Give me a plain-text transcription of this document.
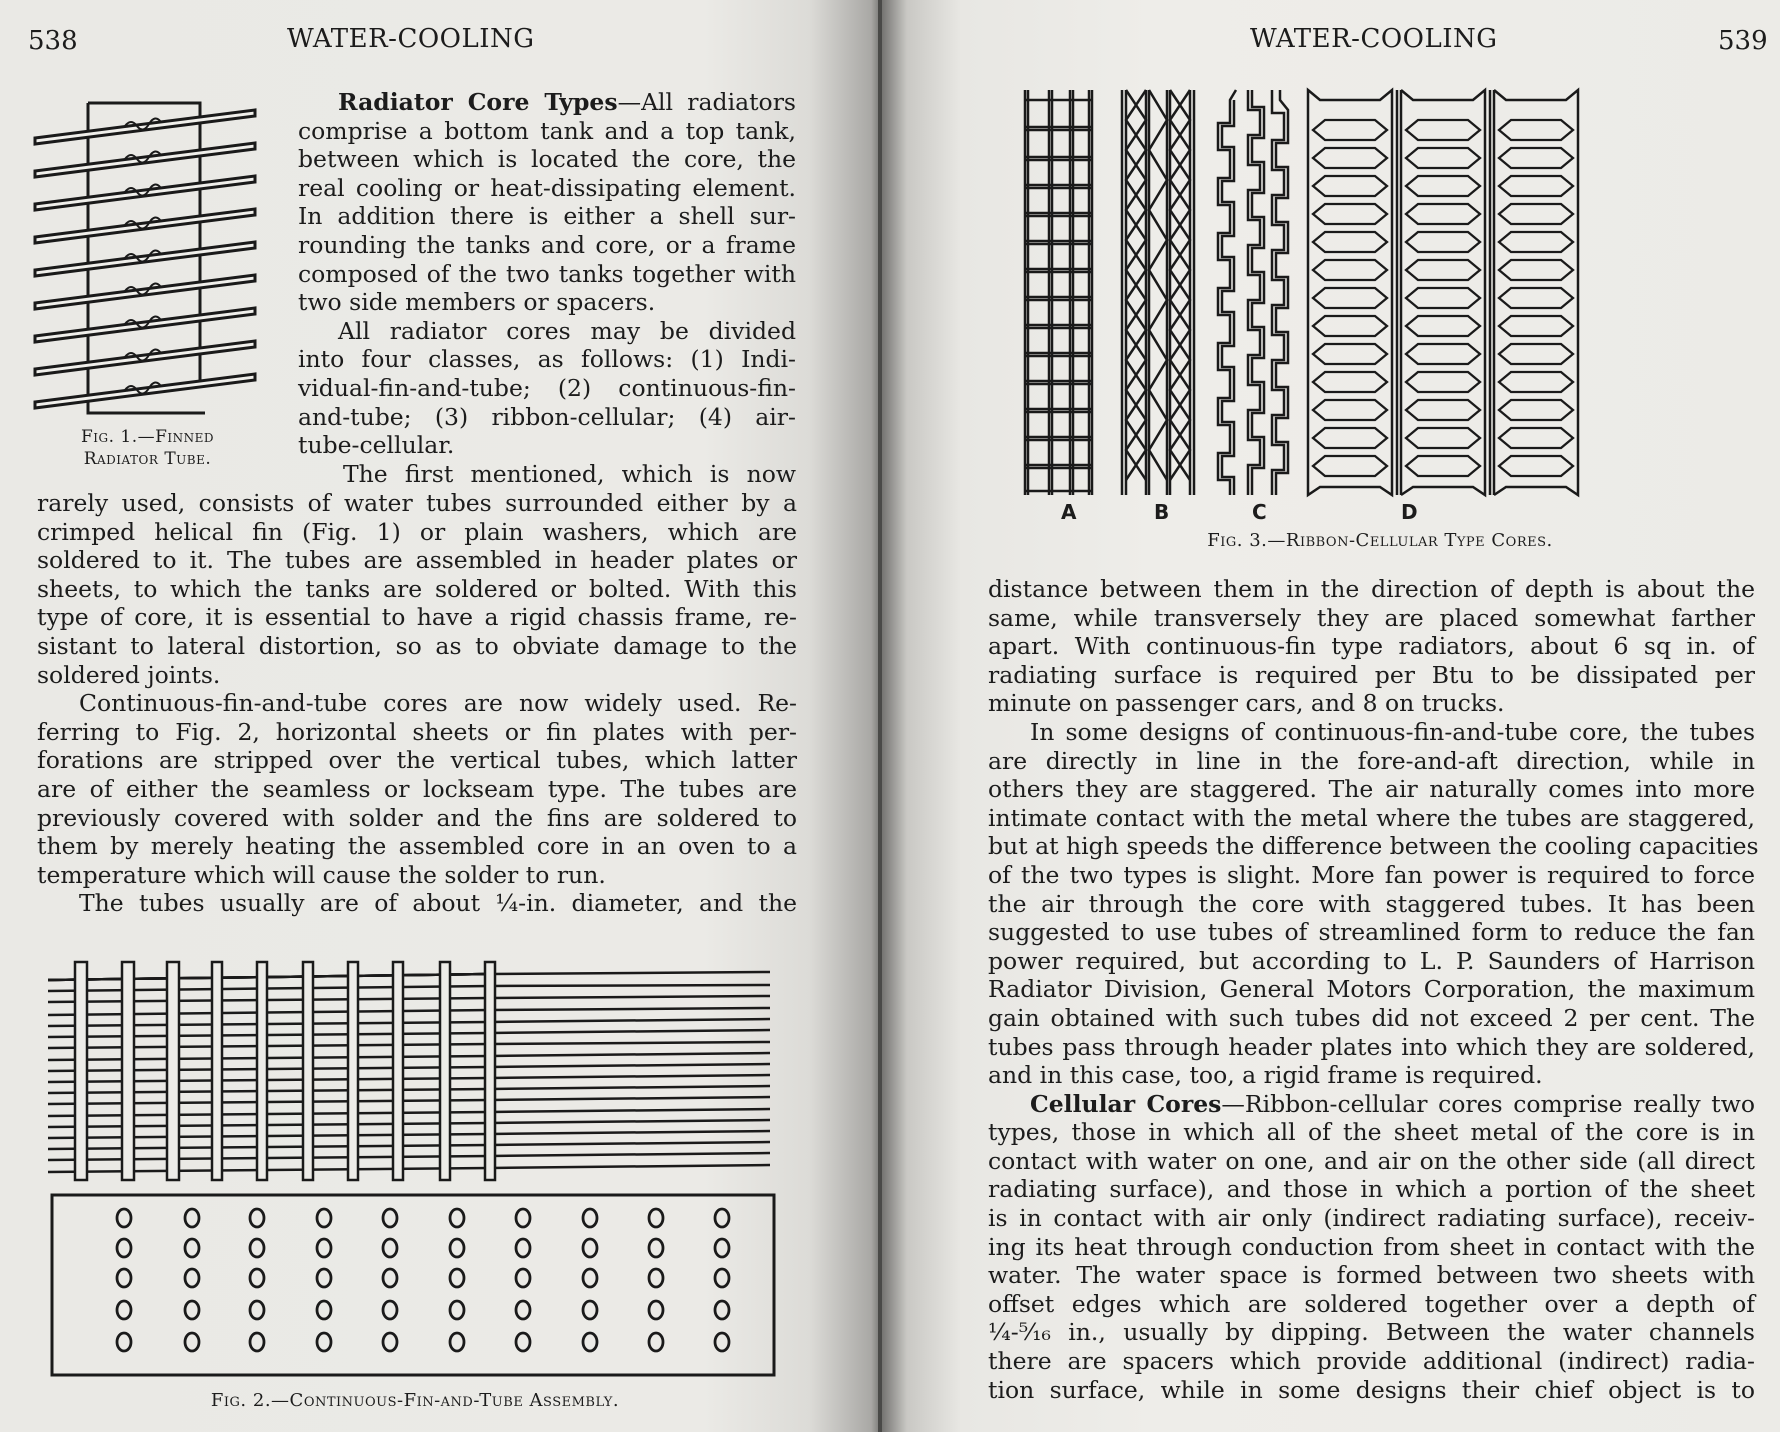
538	WATER-COOLING
Fig. 1.—Finned
Radiator Tube.
Radiator Core Types—All radiators
comprise a bottom tank and a top tank,
between which is located the core, the
real cooling or heat-dissipating element.
In addition there is either a shell sur-
rounding the tanks and core, or a frame
composed of the two tanks together with
two side members or spacers.
All radiator cores may be divided
into four classes, as follows: (1) Indi-
vidual-fin-and-tube; (2) continuous-fin-
and-tube; (3) ribbon-cellular; (4) air-
tube-cellular.
The first mentioned, which is now
rarely used, consists of water tubes surrounded either by a
crimped helical fin (Fig. 1) or plain washers, which are
soldered to it. The tubes are assembled in header plates or
sheets, to which the tanks are soldered or bolted. With this
type of core, it is essential to have a rigid chassis frame, re-
sistant to lateral distortion, so as to obviate damage to the
soldered joints.
Continuous-fin-and-tube cores are now widely used. Re-
ferring to Fig. 2, horizontal sheets or fin plates with per-
forations are stripped over the vertical tubes, which latter
are of either the seamless or lockseam type. The tubes are
previously covered with solder and the fins are soldered to
them by merely heating the assembled core in an oven to a
temperature which will cause the solder to run.
The tubes usually are of about ¼-in. diameter, and the
Fig. 2.—Continuous-Fin-and-Tube Assembly.
WATER-COOLING	539
A	B	C	D
Fig. 3.—Ribbon-Cellular Type Cores.
distance between them in the direction of depth is about the
same, while transversely they are placed somewhat farther
apart. With continuous-fin type radiators, about 6 sq in. of
radiating surface is required per Btu to be dissipated per
minute on passenger cars, and 8 on trucks.
In some designs of continuous-fin-and-tube core, the tubes
are directly in line in the fore-and-aft direction, while in
others they are staggered. The air naturally comes into more
intimate contact with the metal where the tubes are staggered,
but at high speeds the difference between the cooling capacities
of the two types is slight. More fan power is required to force
the air through the core with staggered tubes. It has been
suggested to use tubes of streamlined form to reduce the fan
power required, but according to L. P. Saunders of Harrison
Radiator Division, General Motors Corporation, the maximum
gain obtained with such tubes did not exceed 2 per cent. The
tubes pass through header plates into which they are soldered,
and in this case, too, a rigid frame is required.
Cellular Cores—Ribbon-cellular cores comprise really two
types, those in which all of the sheet metal of the core is in
contact with water on one, and air on the other side (all direct
radiating surface), and those in which a portion of the sheet
is in contact with air only (indirect radiating surface), receiv-
ing its heat through conduction from sheet in contact with the
water. The water space is formed between two sheets with
offset edges which are soldered together over a depth of
¼-⁵⁄₁₆ in., usually by dipping. Between the water channels
there are spacers which provide additional (indirect) radia-
tion surface, while in some designs their chief object is to
